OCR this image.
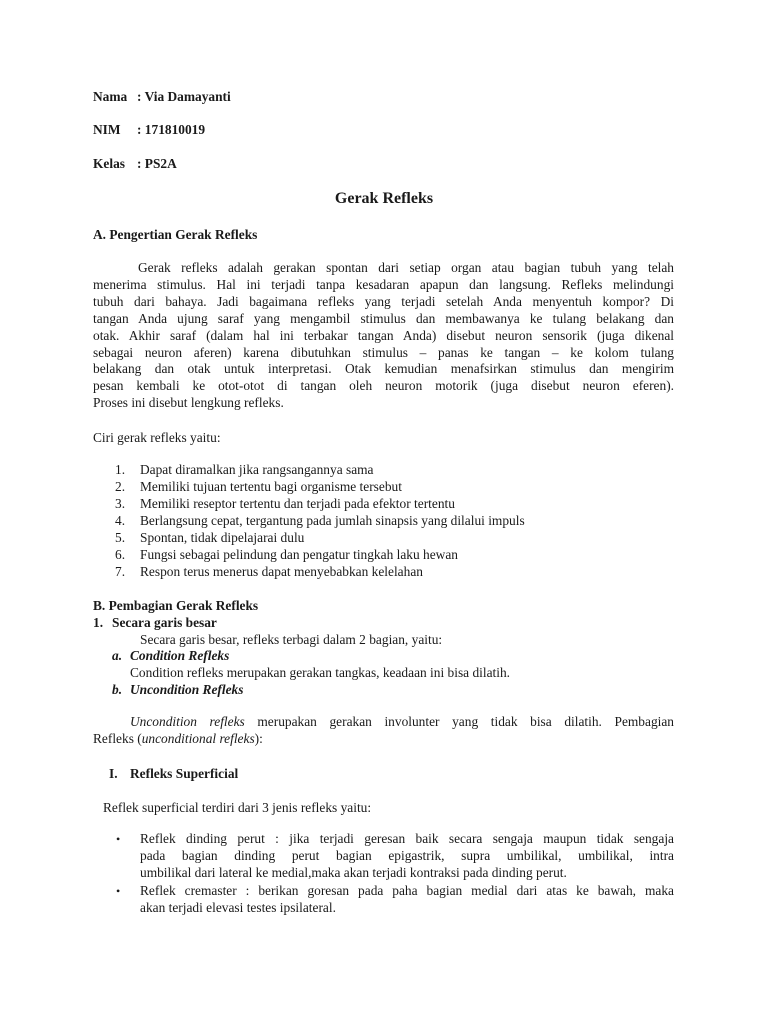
Nama : Via Damayanti
NIM : 171810019
Kelas : PS2A
Gerak Refleks
A. Pengertian Gerak Refleks
Gerak refleks adalah gerakan spontan dari setiap organ atau bagian tubuh yang telah
menerima stimulus. Hal ini terjadi tanpa kesadaran apapun dan langsung. Refleks melindungi
tubuh dari bahaya. Jadi bagaimana refleks yang terjadi setelah Anda menyentuh kompor? Di
tangan Anda ujung saraf yang mengambil stimulus dan membawanya ke tulang belakang dan
otak. Akhir saraf (dalam hal ini terbakar tangan Anda) disebut neuron sensorik (juga dikenal
sebagai neuron aferen) karena dibutuhkan stimulus – panas ke tangan – ke kolom tulang
belakang dan otak untuk interpretasi. Otak kemudian menafsirkan stimulus dan mengirim
pesan kembali ke otot-otot di tangan oleh neuron motorik (juga disebut neuron eferen).
Proses ini disebut lengkung refleks.
Ciri gerak refleks yaitu:
1. Dapat diramalkan jika rangsangannya sama
2. Memiliki tujuan tertentu bagi organisme tersebut
3. Memiliki reseptor tertentu dan terjadi pada efektor tertentu
4. Berlangsung cepat, tergantung pada jumlah sinapsis yang dilalui impuls
5. Spontan, tidak dipelajarai dulu
6. Fungsi sebagai pelindung dan pengatur tingkah laku hewan
7. Respon terus menerus dapat menyebabkan kelelahan
B. Pembagian Gerak Refleks
1. Secara garis besar
Secara garis besar, refleks terbagi dalam 2 bagian, yaitu:
a. Condition Refleks
Condition refleks merupakan gerakan tangkas, keadaan ini bisa dilatih.
b. Uncondition Refleks
Uncondition refleks merupakan gerakan involunter yang tidak bisa dilatih. Pembagian
Refleks (unconditional refleks):
I. Refleks Superficial
Reflek superficial terdiri dari 3 jenis refleks yaitu:
• Reflek dinding perut : jika terjadi geresan baik secara sengaja maupun tidak sengaja
pada bagian dinding perut bagian epigastrik, supra umbilikal, umbilikal, intra
umbilikal dari lateral ke medial,maka akan terjadi kontraksi pada dinding perut.
• Reflek cremaster : berikan goresan pada paha bagian medial dari atas ke bawah, maka
akan terjadi elevasi testes ipsilateral.
